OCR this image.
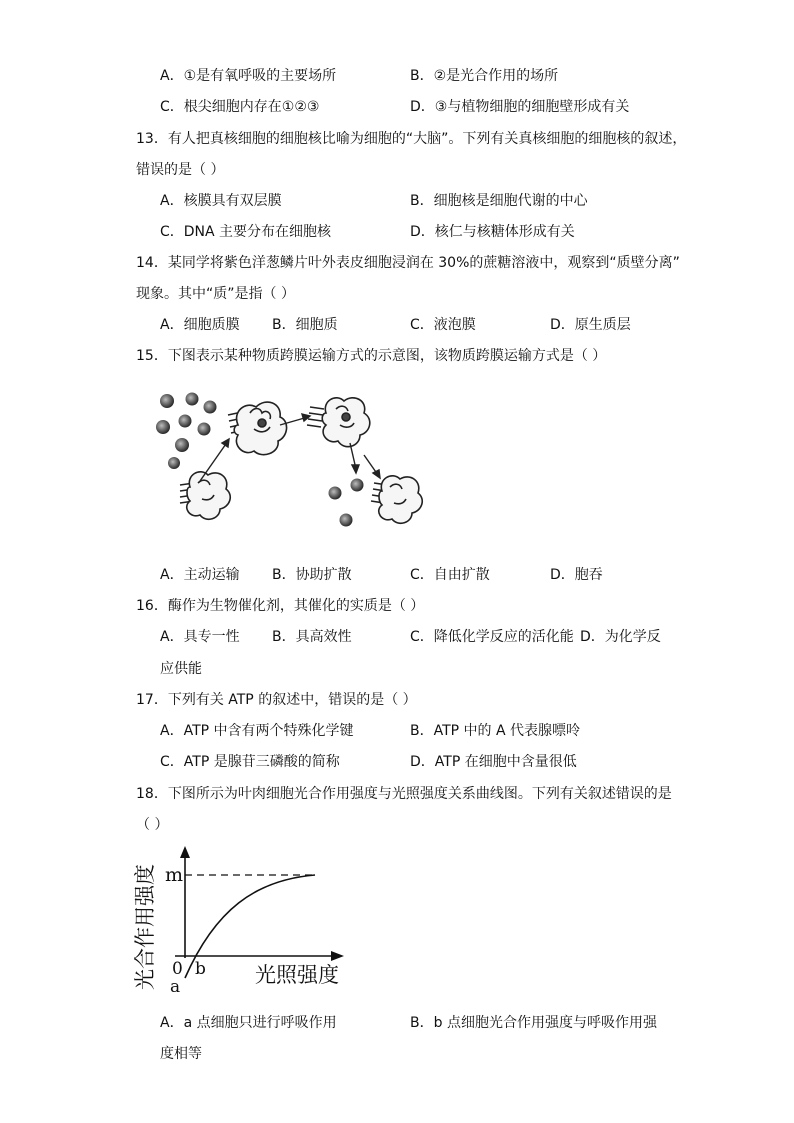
A．①是有氧呼吸的主要场所	B．②是光合作用的场所
C．根尖细胞内存在①②③	D．③与植物细胞的细胞壁形成有关
13．有人把真核细胞的细胞核比喻为细胞的“大脑”。下列有关真核细胞的细胞核的叙述，
错误的是（ ）
A．核膜具有双层膜	B．细胞核是细胞代谢的中心
C．DNA 主要分布在细胞核	D．核仁与核糖体形成有关
14．某同学将紫色洋葱鳞片叶外表皮细胞浸润在 30%的蔗糖溶液中，观察到“质壁分离”
现象。其中“质”是指（ ）
A．细胞质膜 B．细胞质	C．液泡膜	D．原生质层
15．下图表示某种物质跨膜运输方式的示意图，该物质跨膜运输方式是（ ）
A．主动运输 B．协助扩散	C．自由扩散	D．胞吞
16．酶作为生物催化剂，其催化的实质是（ ）
A．具专一性 B．具高效性	C．降低化学反应的活化能 D．为化学反
应供能
17．下列有关 ATP 的叙述中，错误的是（ ）
A．ATP 中含有两个特殊化学键	B．ATP 中的 A 代表腺嘌呤
C．ATP 是腺苷三磷酸的简称	D．ATP 在细胞中含量很低
18．下图所示为叶肉细胞光合作用强度与光照强度关系曲线图。下列有关叙述错误的是
（ ）
光合作用强度 m
0
a
b 光照强度
A．a 点细胞只进行呼吸作用	B．b 点细胞光合作用强度与呼吸作用强
度相等
